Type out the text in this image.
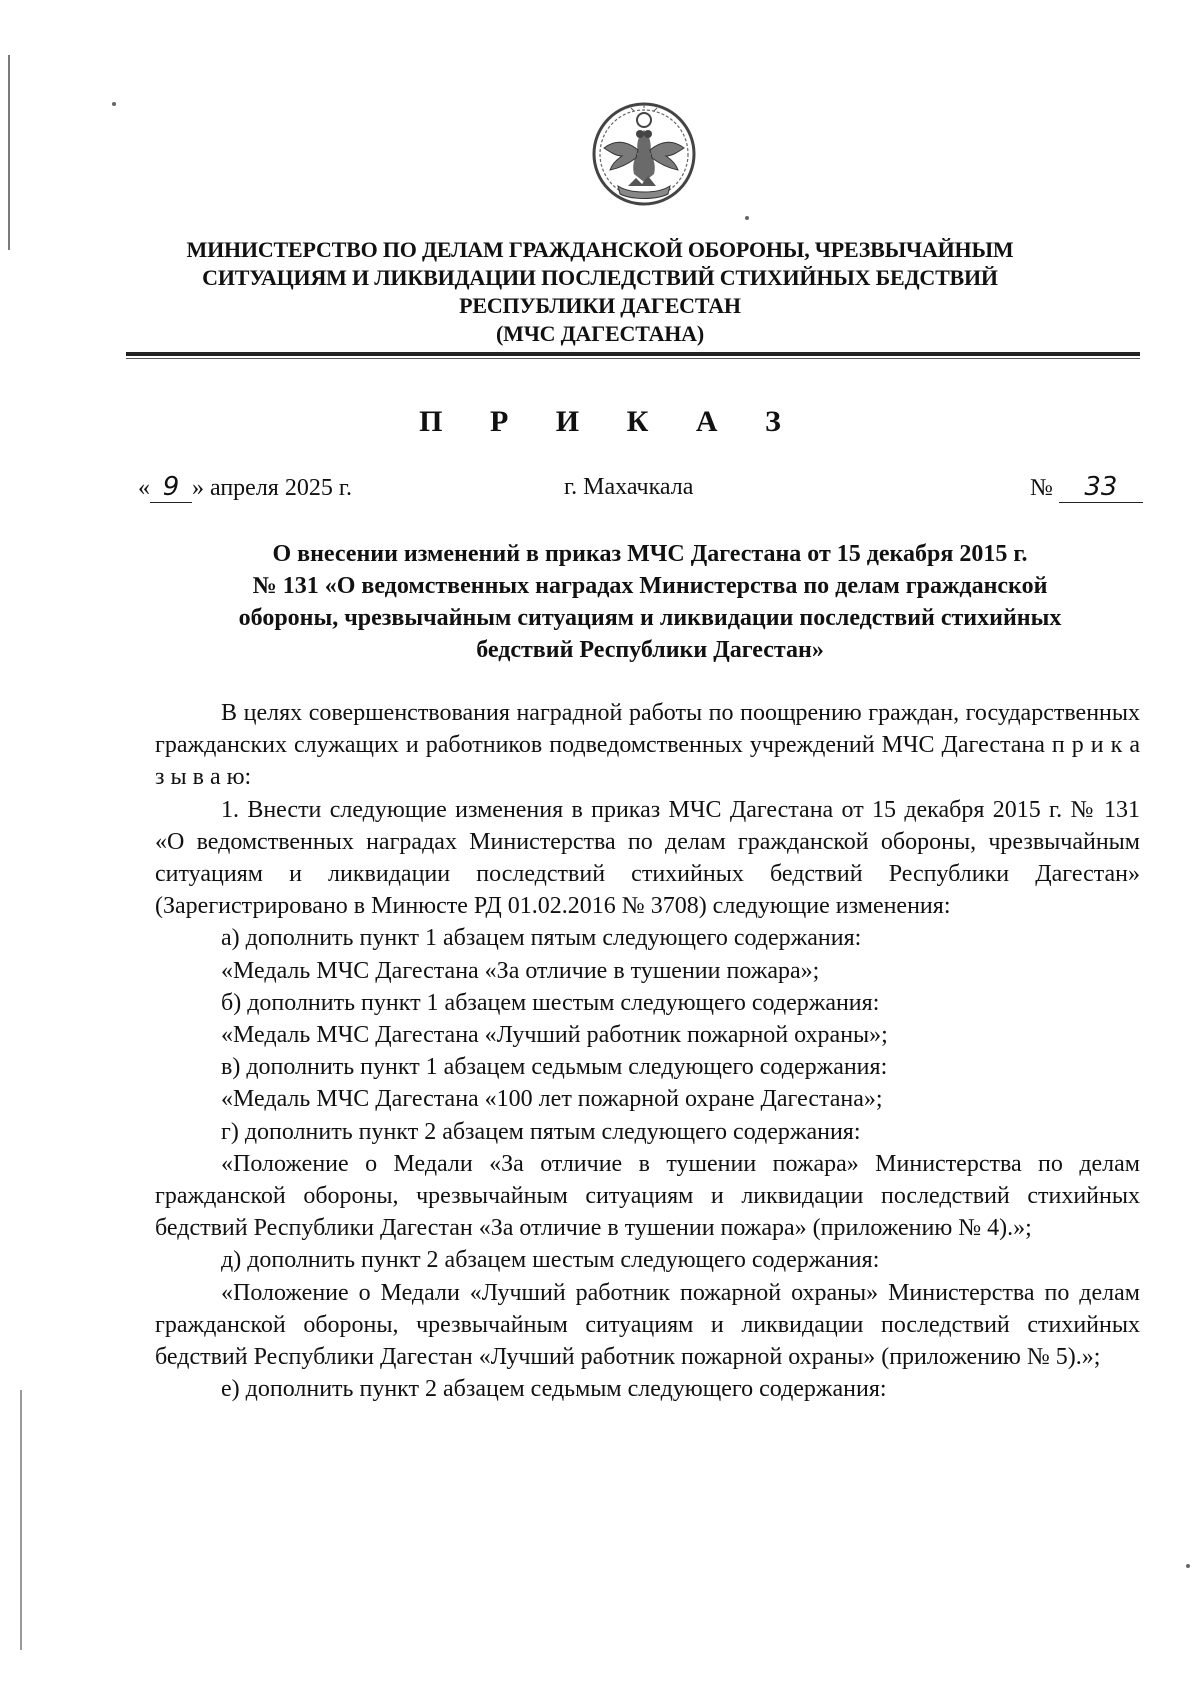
МИНИСТЕРСТВО ПО ДЕЛАМ ГРАЖДАНСКОЙ ОБОРОНЫ, ЧРЕЗВЫЧАЙНЫМ
СИТУАЦИЯМ И ЛИКВИДАЦИИ ПОСЛЕДСТВИЙ СТИХИЙНЫХ БЕДСТВИЙ
РЕСПУБЛИКИ ДАГЕСТАН
(МЧС ДАГЕСТАНА)
П Р И К А З
« 9 » апреля 2025 г.	г. Махачкала	№ 33
О внесении изменений в приказ МЧС Дагестана от 15 декабря 2015 г.
№ 131 «О ведомственных наградах Министерства по делам гражданской
обороны, чрезвычайным ситуациям и ликвидации последствий стихийных
бедствий Республики Дагестан»

В целях совершенствования наградной работы по поощрению граждан, государственных гражданских служащих и работников подведомственных учреждений МЧС Дагестана п р и к а з ы в а ю:

1. Внести следующие изменения в приказ МЧС Дагестана от 15 декабря 2015 г. № 131 «О ведомственных наградах Министерства по делам гражданской обороны, чрезвычайным ситуациям и ликвидации последствий стихийных бедствий Республики Дагестан» (Зарегистрировано в Минюсте РД 01.02.2016 № 3708) следующие изменения:

а) дополнить пункт 1 абзацем пятым следующего содержания:

«Медаль МЧС Дагестана «За отличие в тушении пожара»;

б) дополнить пункт 1 абзацем шестым следующего содержания:

«Медаль МЧС Дагестана «Лучший работник пожарной охраны»;

в) дополнить пункт 1 абзацем седьмым следующего содержания:

«Медаль МЧС Дагестана «100 лет пожарной охране Дагестана»;

г) дополнить пункт 2 абзацем пятым следующего содержания:

«Положение о Медали «За отличие в тушении пожара» Министерства по делам гражданской обороны, чрезвычайным ситуациям и ликвидации последствий стихийных бедствий Республики Дагестан «За отличие в тушении пожара» (приложению № 4).»;

д) дополнить пункт 2 абзацем шестым следующего содержания:

«Положение о Медали «Лучший работник пожарной охраны» Министерства по делам гражданской обороны, чрезвычайным ситуациям и ликвидации последствий стихийных бедствий Республики Дагестан «Лучший работник пожарной охраны» (приложению № 5).»;

е) дополнить пункт 2 абзацем седьмым следующего содержания:
